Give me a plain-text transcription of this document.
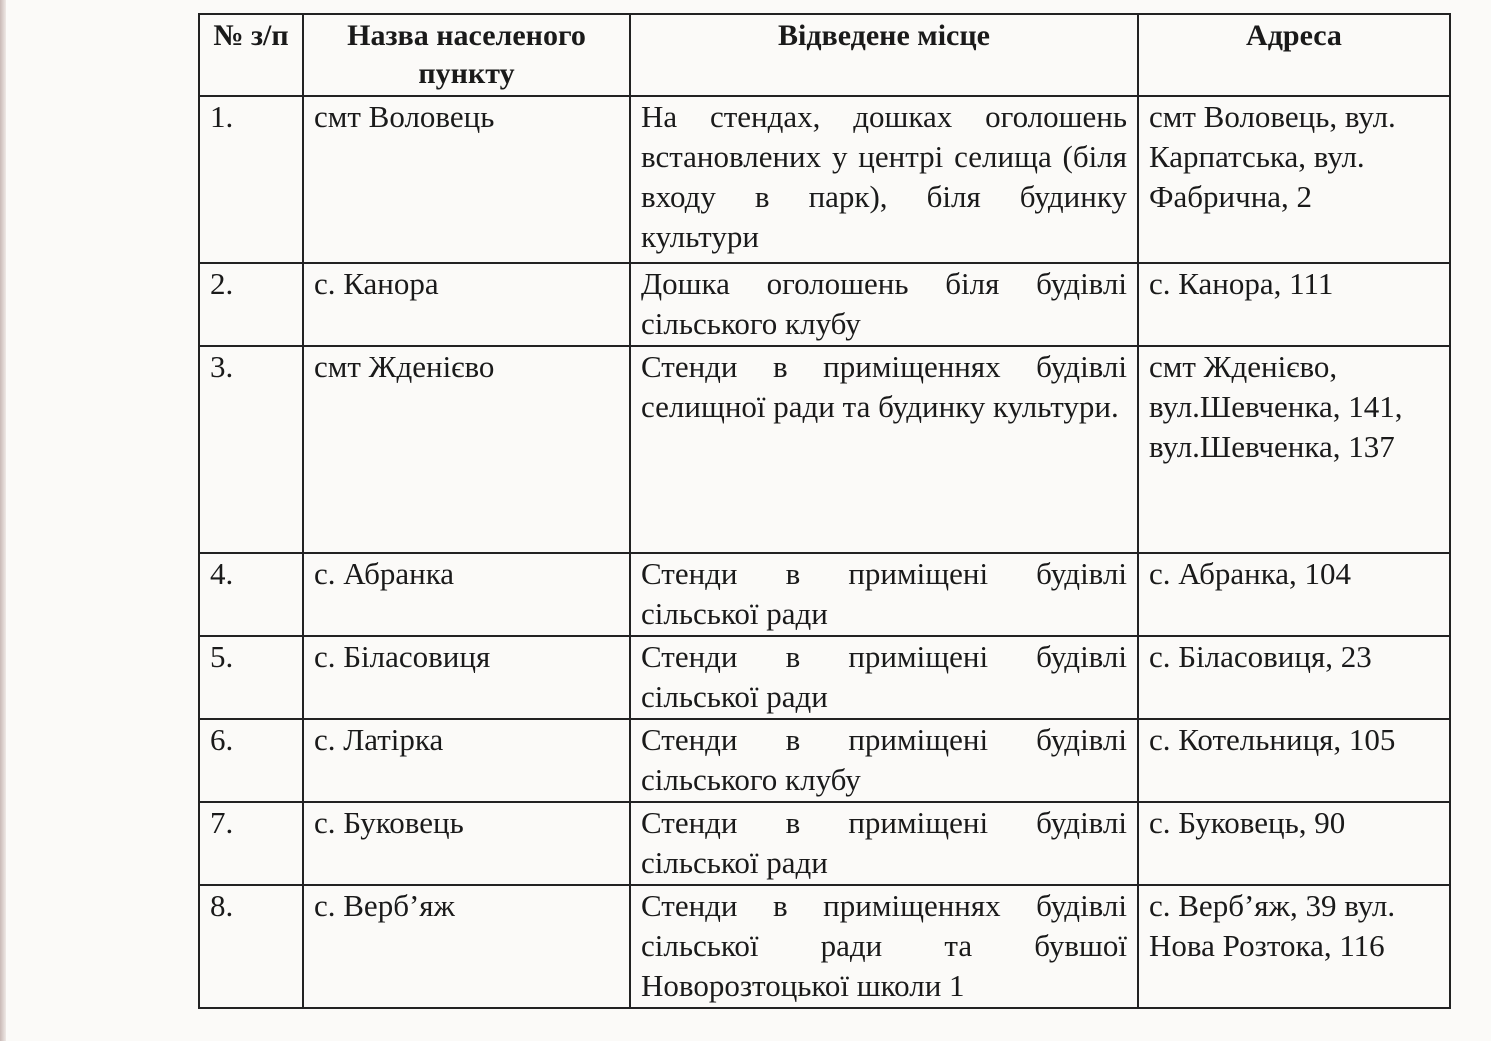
№ з/п	Назва населеного пункту	Відведене місце	Адреса
1.	смт Воловець	На стендах, дошках оголошень встановлених у центрі селища (біля входу в парк), біля будинку культури	смт Воловець, вул. Карпатська, вул. Фабрична, 2
2.	с. Канора	Дошка оголошень біля будівлі сільського клубу	с. Канора, 111
3.	смт Жденієво	Стенди в приміщеннях будівлі селищної ради та будинку культури.	смт Жденієво, вул.Шевченка, 141, вул.Шевченка, 137
4.	с. Абранка	Стенди в приміщені будівлі сільської ради	с. Абранка, 104
5.	с. Біласовиця	Стенди в приміщені будівлі сільської ради	с. Біласовиця, 23
6.	с. Латірка	Стенди в приміщені будівлі сільського клубу	с. Котельниця, 105
7.	с. Буковець	Стенди в приміщені будівлі сільської ради	с. Буковець, 90
8.	с. Верб’яж	Стенди в приміщеннях будівлі сільської ради та бувшої Новорозтоцької школи 1	с. Верб’яж, 39 вул. Нова Розтока, 116
